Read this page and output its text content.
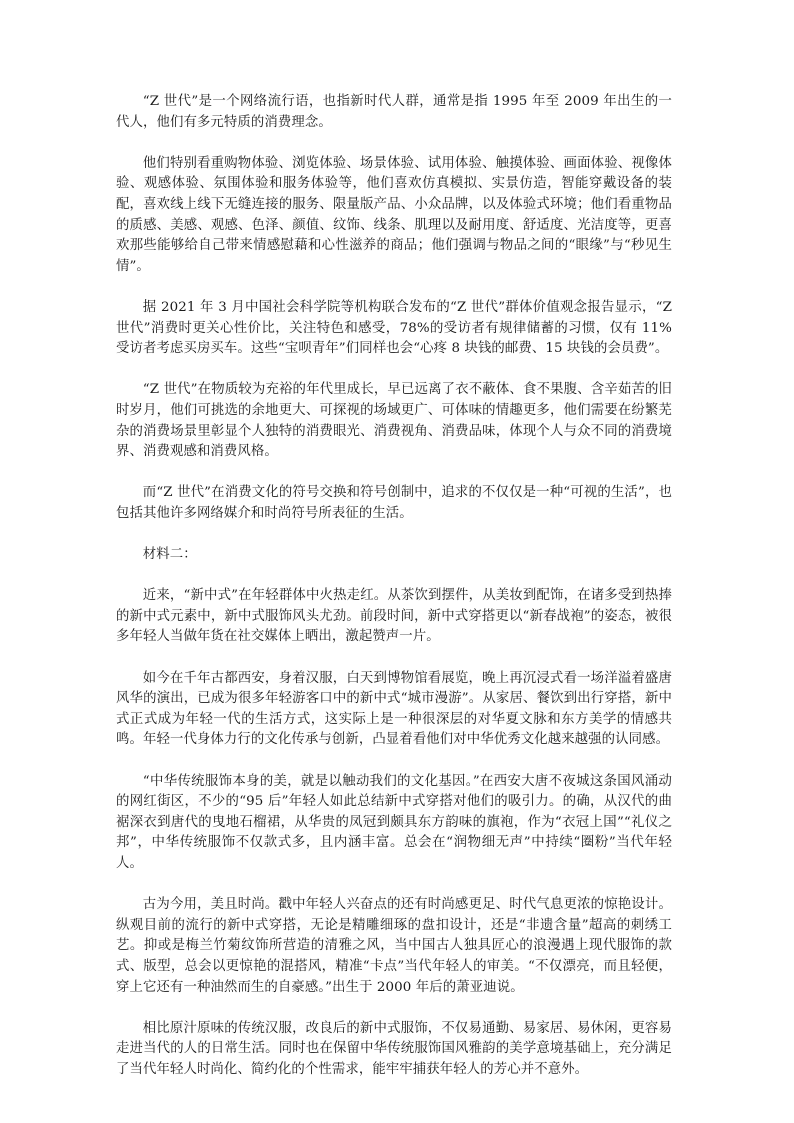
“Z 世代”是一个网络流行语，也指新时代人群，通常是指 1995 年至 2009 年出生的一代人，他们有多元特质的消费理念。

他们特别看重购物体验、浏览体验、场景体验、试用体验、触摸体验、画面体验、视像体验、观感体验、氛围体验和服务体验等，他们喜欢仿真模拟、实景仿造，智能穿戴设备的装配，喜欢线上线下无缝连接的服务、限量版产品、小众品牌，以及体验式环境；他们看重物品的质感、美感、观感、色泽、颜值、纹饰、线条、肌理以及耐用度、舒适度、光洁度等，更喜欢那些能够给自己带来情感慰藉和心性滋养的商品；他们强调与物品之间的“眼缘”与“秒见生情”。

据 2021 年 3 月中国社会科学院等机构联合发布的“Z 世代”群体价值观念报告显示，“Z 世代”消费时更关心性价比，关注特色和感受，78%的受访者有规律储蓄的习惯，仅有 11%受访者考虑买房买车。这些“宝呗青年”们同样也会“心疼 8 块钱的邮费、15 块钱的会员费”。

“Z 世代”在物质较为充裕的年代里成长，早已远离了衣不蔽体、食不果腹、含辛茹苦的旧时岁月，他们可挑选的余地更大、可探视的场域更广、可体味的情趣更多，他们需要在纷繁芜杂的消费场景里彰显个人独特的消费眼光、消费视角、消费品味，体现个人与众不同的消费境界、消费观感和消费风格。

而“Z 世代”在消费文化的符号交换和符号创制中，追求的不仅仅是一种“可视的生活”，也包括其他许多网络媒介和时尚符号所表征的生活。

材料二：

近来，“新中式”在年轻群体中火热走红。从茶饮到摆件，从美妆到配饰，在诸多受到热捧的新中式元素中，新中式服饰风头尤劲。前段时间，新中式穿搭更以“新春战袍”的姿态，被很多年轻人当做年货在社交媒体上晒出，激起赞声一片。

如今在千年古都西安，身着汉服，白天到博物馆看展览，晚上再沉浸式看一场洋溢着盛唐风华的演出，已成为很多年轻游客口中的新中式“城市漫游”。从家居、餐饮到出行穿搭，新中式正式成为年轻一代的生活方式，这实际上是一种很深层的对华夏文脉和东方美学的情感共鸣。年轻一代身体力行的文化传承与创新，凸显着看他们对中华优秀文化越来越强的认同感。

“中华传统服饰本身的美，就是以触动我们的文化基因。”在西安大唐不夜城这条国风涌动的网红街区，不少的“95 后”年轻人如此总结新中式穿搭对他们的吸引力。的确，从汉代的曲裾深衣到唐代的曳地石榴裙，从华贵的凤冠到颇具东方韵味的旗袍，作为“衣冠上国”“礼仪之邦”，中华传统服饰不仅款式多，且内涵丰富。总会在“润物细无声”中持续“圈粉”当代年轻人。

古为今用，美且时尚。戳中年轻人兴奋点的还有时尚感更足、时代气息更浓的惊艳设计。纵观目前的流行的新中式穿搭，无论是精雕细琢的盘扣设计，还是“非遗含量”超高的刺绣工艺。抑或是梅兰竹菊纹饰所营造的清雅之风，当中国古人独具匠心的浪漫遇上现代服饰的款式、版型，总会以更惊艳的混搭风，精准“卡点”当代年轻人的审美。“不仅漂亮，而且轻便，穿上它还有一种油然而生的自豪感。”出生于 2000 年后的萧亚迪说。

相比原汁原味的传统汉服，改良后的新中式服饰，不仅易通勤、易家居、易休闲，更容易走进当代的人的日常生活。同时也在保留中华传统服饰国风雅韵的美学意境基础上，充分满足了当代年轻人时尚化、简约化的个性需求，能牢牢捕获年轻人的芳心并不意外。
